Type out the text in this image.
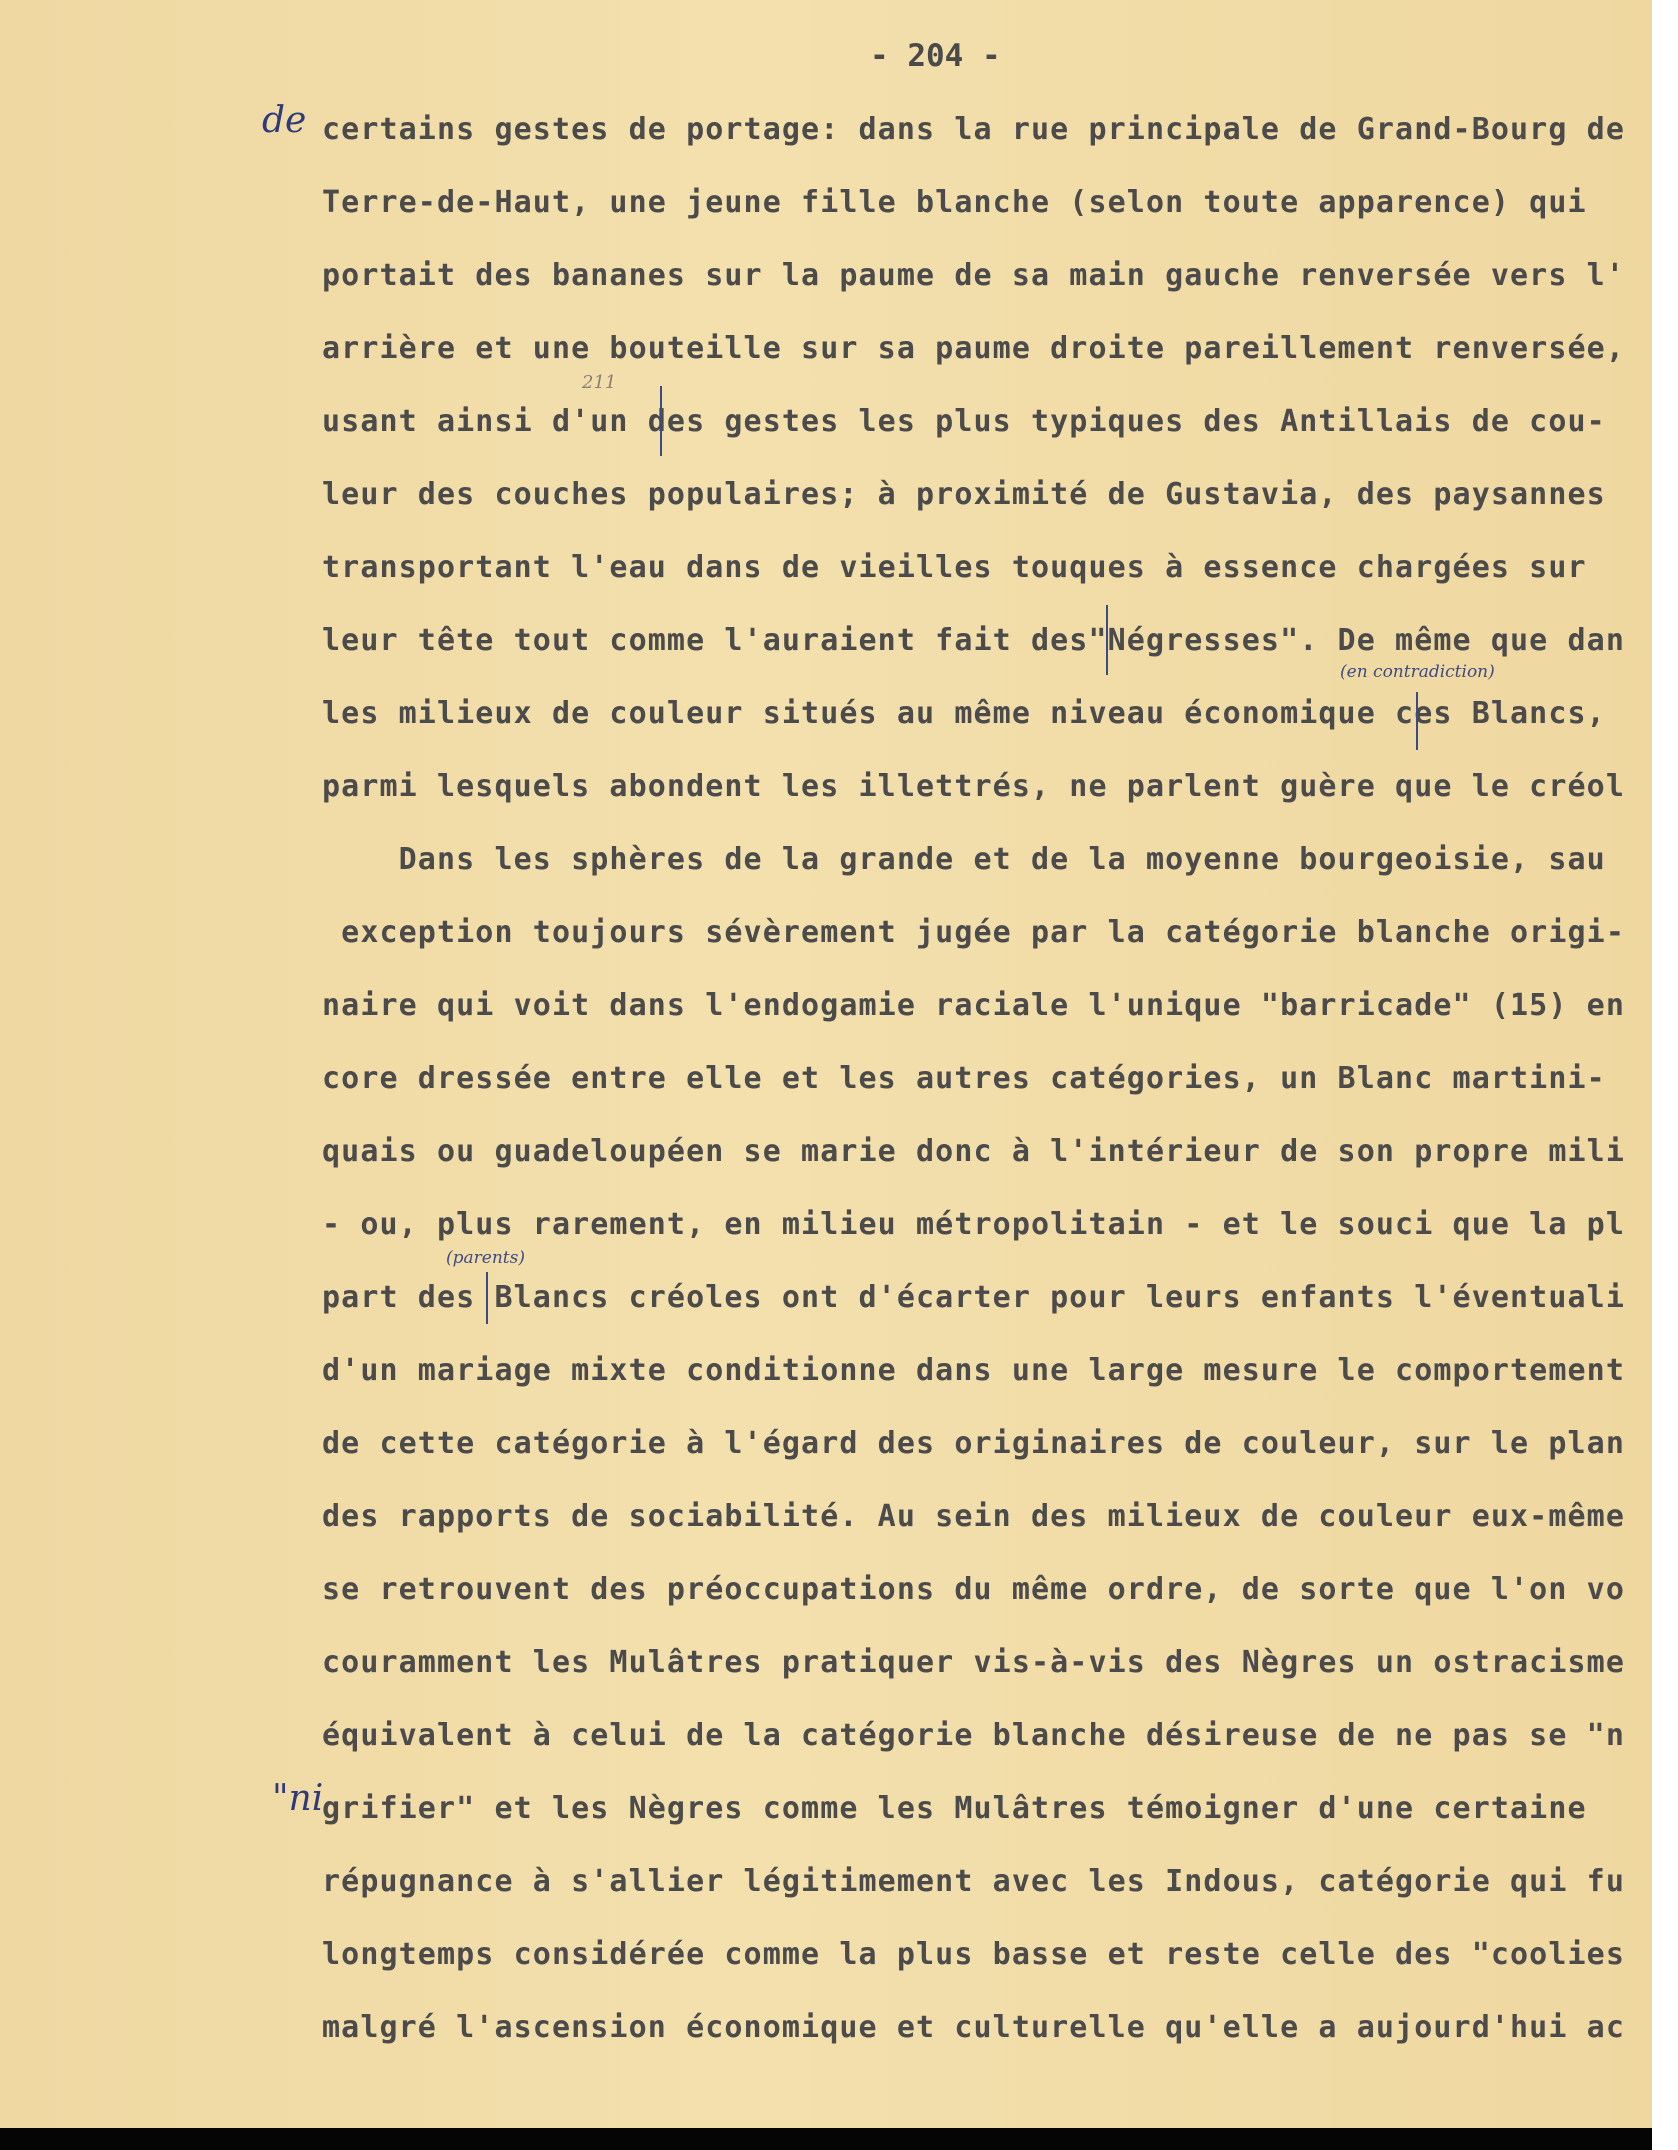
- 204 -
certains gestes de portage: dans la rue principale de Grand-Bourg de
Terre-de-Haut, une jeune fille blanche (selon toute apparence) qui
portait des bananes sur la paume de sa main gauche renversée vers l'
arrière et une bouteille sur sa paume droite pareillement renversée,
usant ainsi d'un des gestes les plus typiques des Antillais de cou-
leur des couches populaires; à proximité de Gustavia, des paysannes
transportant l'eau dans de vieilles touques à essence chargées sur
leur tête tout comme l'auraient fait des"Négresses". De même que dan
les milieux de couleur situés au même niveau économique ces Blancs,
parmi lesquels abondent les illettrés, ne parlent guère que le créol
Dans les sphères de la grande et de la moyenne bourgeoisie, sau
exception toujours sévèrement jugée par la catégorie blanche origi-
naire qui voit dans l'endogamie raciale l'unique "barricade" (15) en
core dressée entre elle et les autres catégories, un Blanc martini-
quais ou guadeloupéen se marie donc à l'intérieur de son propre mili
- ou, plus rarement, en milieu métropolitain - et le souci que la pl
part des Blancs créoles ont d'écarter pour leurs enfants l'éventuali
d'un mariage mixte conditionne dans une large mesure le comportement
de cette catégorie à l'égard des originaires de couleur, sur le plan
des rapports de sociabilité. Au sein des milieux de couleur eux-même
se retrouvent des préoccupations du même ordre, de sorte que l'on vo
couramment les Mulâtres pratiquer vis-à-vis des Nègres un ostracisme
équivalent à celui de la catégorie blanche désireuse de ne pas se "n
grifier" et les Nègres comme les Mulâtres témoigner d'une certaine
répugnance à s'allier légitimement avec les Indous, catégorie qui fu
longtemps considérée comme la plus basse et reste celle des "coolies
malgré l'ascension économique et culturelle qu'elle a aujourd'hui ac
de
"ni
(en contradiction)
(parents)
211
